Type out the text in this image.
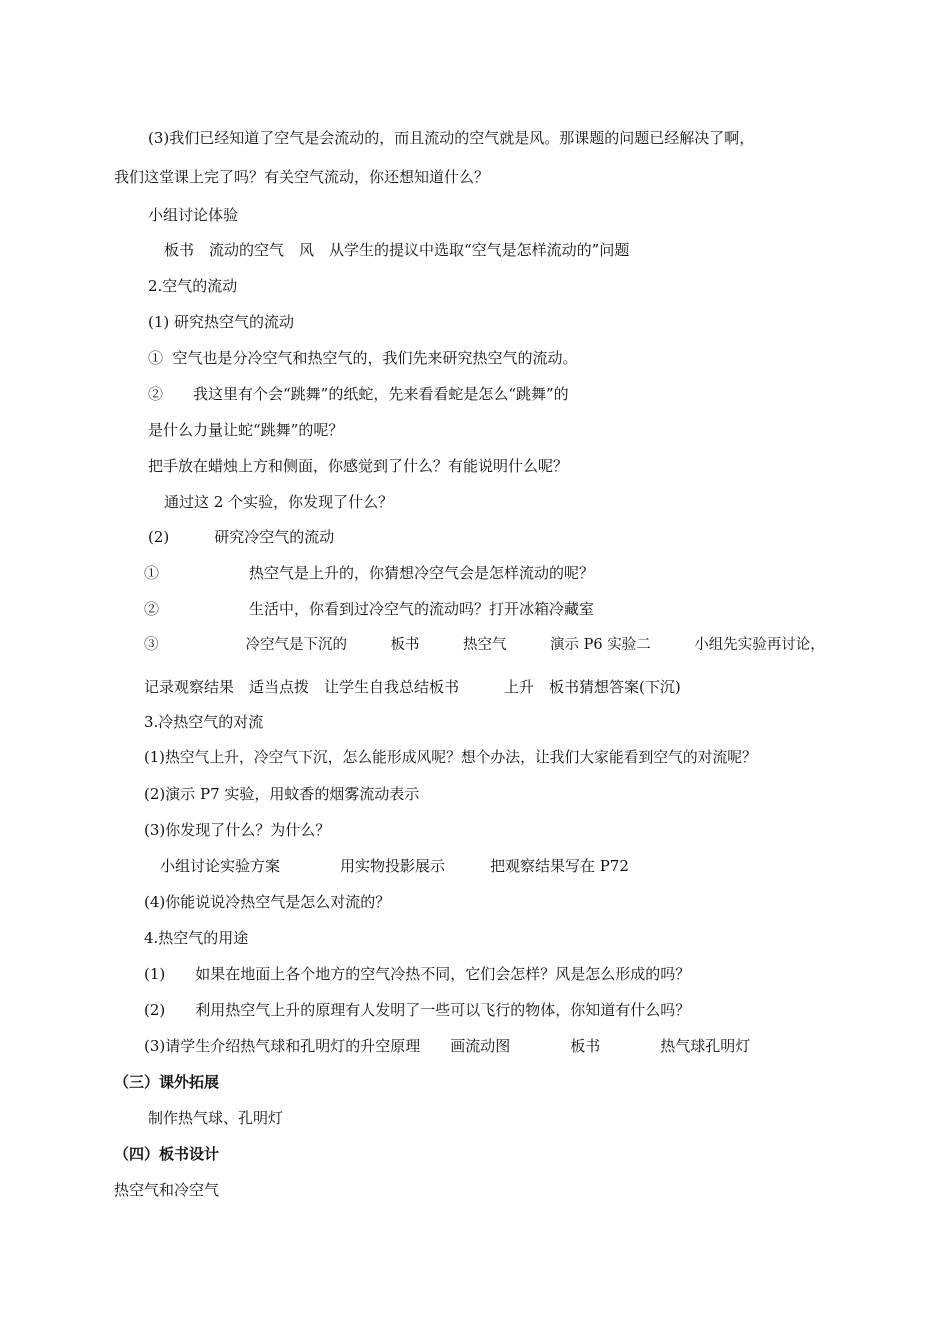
(3)我们已经知道了空气是会流动的，而且流动的空气就是风。那课题的问题已经解决了啊，
我们这堂课上完了吗？有关空气流动，你还想知道什么？
小组讨论体验
板书　流动的空气　风　从学生的提议中选取“空气是怎样流动的”问题
2.空气的流动
(1) 研究热空气的流动
①  空气也是分冷空气和热空气的，我们先来研究热空气的流动。
②　　我这里有个会“跳舞”的纸蛇，先来看看蛇是怎么“跳舞”的
是什么力量让蛇“跳舞”的呢？
把手放在蜡烛上方和侧面，你感觉到了什么？有能说明什么呢？
通过这 2 个实验，你发现了什么？
(2)　　　研究冷空气的流动
①　　　　　　热空气是上升的，你猜想冷空气会是怎样流动的呢？
②　　　　　　生活中，你看到过冷空气的流动吗？打开冰箱冷藏室
③　　　　　　冷空气是下沉的　　　板书　　　热空气　　　演示 P6 实验二　　　小组先实验再讨论，
记录观察结果　适当点拨　让学生自我总结板书　　　上升　板书猜想答案(下沉)
3.冷热空气的对流
(1)热空气上升，冷空气下沉，怎么能形成风呢？想个办法，让我们大家能看到空气的对流呢？
(2)演示 P7 实验，用蚊香的烟雾流动表示
(3)你发现了什么？为什么？
小组讨论实验方案　　　　用实物投影展示　　　把观察结果写在 P72
(4)你能说说冷热空气是怎么对流的？
4.热空气的用途
(1)　　如果在地面上各个地方的空气冷热不同，它们会怎样？风是怎么形成的吗？
(2)　　利用热空气上升的原理有人发明了一些可以飞行的物体，你知道有什么吗？
(3)请学生介绍热气球和孔明灯的升空原理　　画流动图　　　　板书　　　　热气球孔明灯
（三）课外拓展
制作热气球、孔明灯
（四）板书设计
热空气和冷空气
